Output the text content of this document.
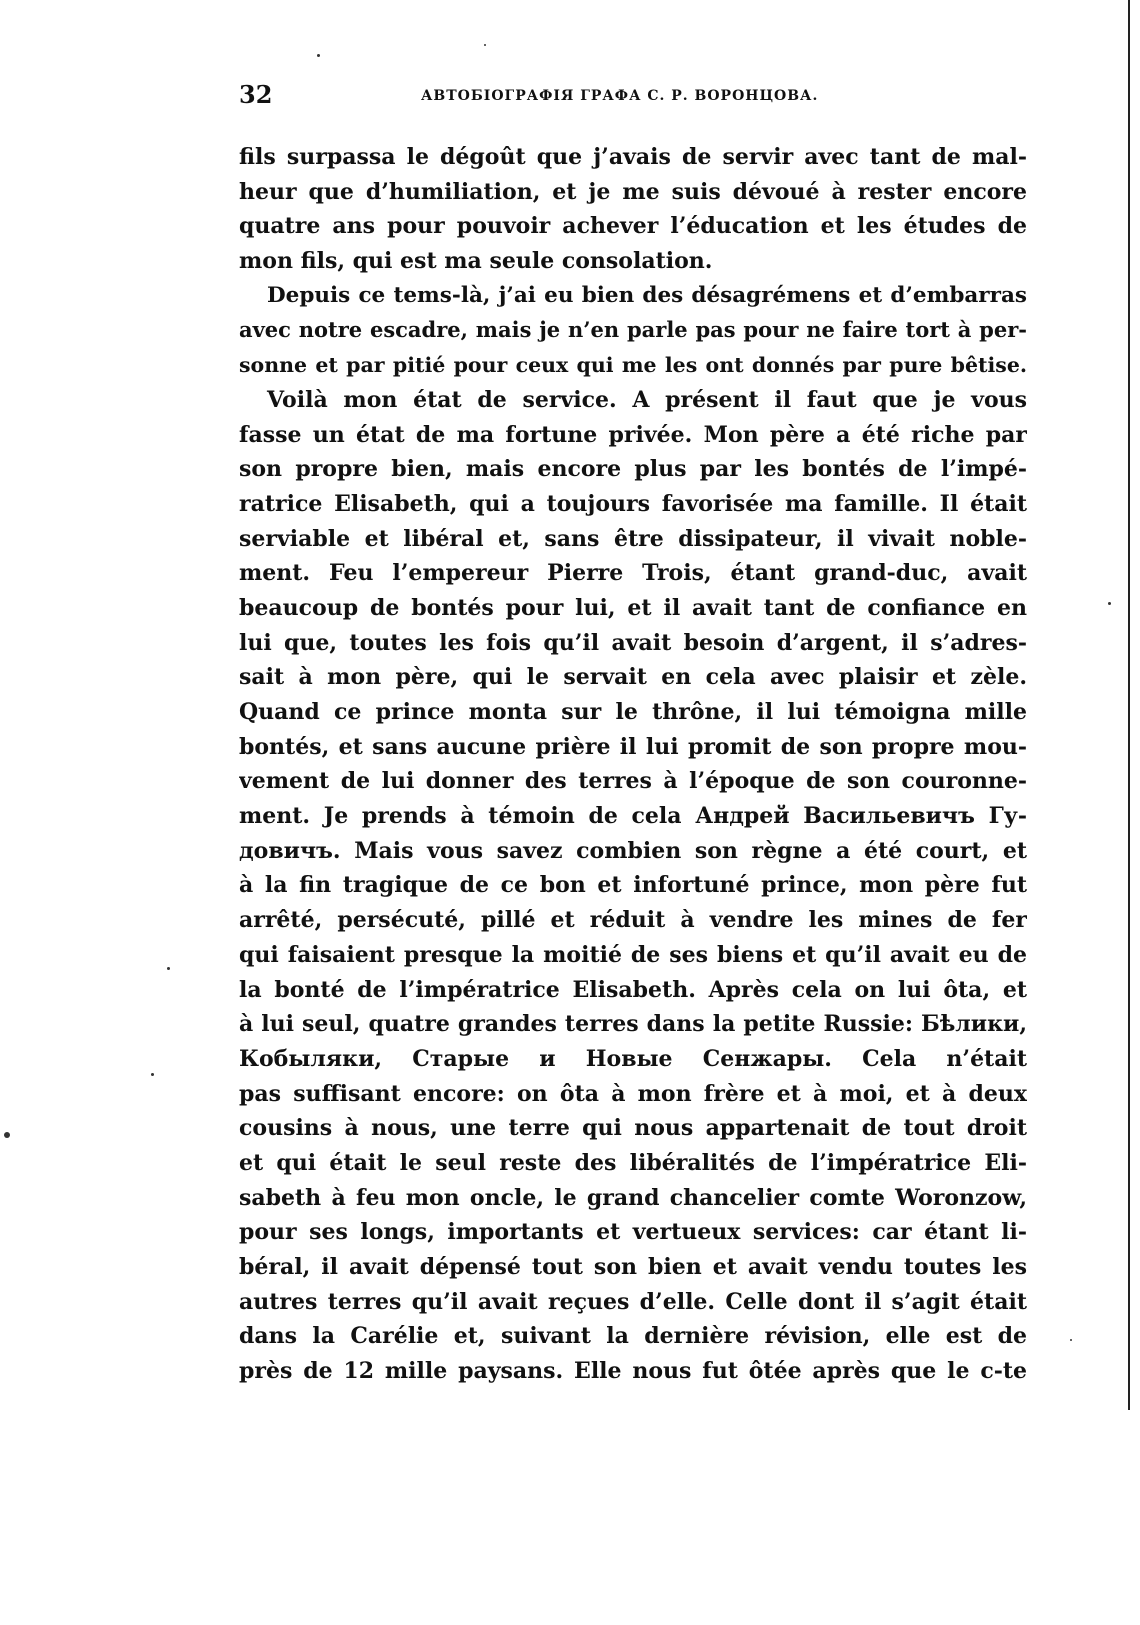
32	АВТОБІОГРАФІЯ ГРАФА С. Р. ВОРОНЦОВА.
fils surpassa le dégoût que j’avais de servir avec tant de mal-
heur que d’humiliation, et je me suis dévoué à rester encore
quatre ans pour pouvoir achever l’éducation et les études de
mon fils, qui est ma seule consolation.
Depuis ce tems-là, j’ai eu bien des désagrémens et d’embarras
avec notre escadre, mais je n’en parle pas pour ne faire tort à per-
sonne et par pitié pour ceux qui me les ont donnés par pure bêtise.
Voilà mon état de service. A présent il faut que je vous
fasse un état de ma fortune privée. Mon père a été riche par
son propre bien, mais encore plus par les bontés de l’impé-
ratrice Elisabeth, qui a toujours favorisée ma famille. Il était
serviable et libéral et, sans être dissipateur, il vivait noble-
ment. Feu l’empereur Pierre Trois, étant grand-duc, avait
beaucoup de bontés pour lui, et il avait tant de confiance en
lui que, toutes les fois qu’il avait besoin d’argent, il s’adres-
sait à mon père, qui le servait en cela avec plaisir et zèle.
Quand ce prince monta sur le thrône, il lui témoigna mille
bontés, et sans aucune prière il lui promit de son propre mou-
vement de lui donner des terres à l’époque de son couronne-
ment. Je prends à témoin de cela Андрей Васильевичъ Гу-
довичъ. Mais vous savez combien son règne a été court, et
à la fin tragique de ce bon et infortuné prince, mon père fut
arrêté, persécuté, pillé et réduit à vendre les mines de fer
qui faisaient presque la moitié de ses biens et qu’il avait eu de
la bonté de l’impératrice Elisabeth. Après cela on lui ôta, et
à lui seul, quatre grandes terres dans la petite Russie: Бѣлики,
Кобыляки, Старые и Новые Сенжары. Cela n’était
pas suffisant encore: on ôta à mon frère et à moi, et à deux
cousins à nous, une terre qui nous appartenait de tout droit
et qui était le seul reste des libéralités de l’impératrice Eli-
sabeth à feu mon oncle, le grand chancelier comte Woronzow,
pour ses longs, importants et vertueux services: car étant li-
béral, il avait dépensé tout son bien et avait vendu toutes les
autres terres qu’il avait reçues d’elle. Celle dont il s’agit était
dans la Carélie et, suivant la dernière révision, elle est de
près de 12 mille paysans. Elle nous fut ôtée après que le c-te
